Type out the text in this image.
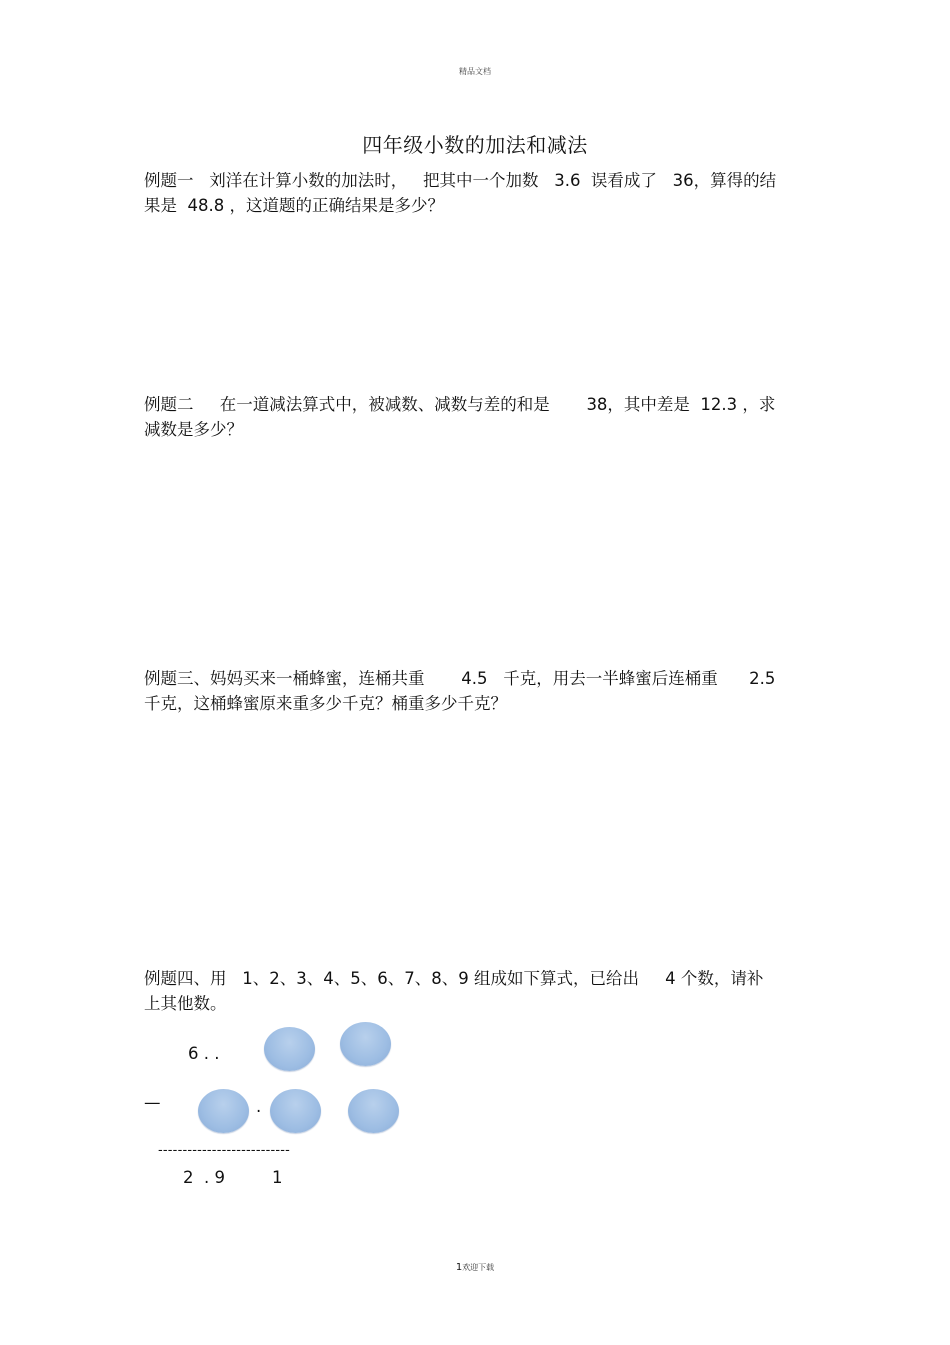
精品文档
四年级小数的加法和减法

例题一   刘洋在计算小数的加法时，   把其中一个加数   3.6  误看成了   36，算得的结

果是  48.8 ，这道题的正确结果是多少？

例题二     在一道减法算式中，被减数、减数与差的和是       38，其中差是  12.3 ，求

减数是多少？

例题三、妈妈买来一桶蜂蜜，连桶共重       4.5   千克，用去一半蜂蜜后连桶重      2.5

千克，这桶蜂蜜原来重多少千克？桶重多少千克？

例题四、用   1、2、3、4、5、6、7、8、9 组成如下算式，已给出     4 个数，请补

上其他数。

6 . .
—	.
---------------------------
2  . 9	1
1欢迎下载
